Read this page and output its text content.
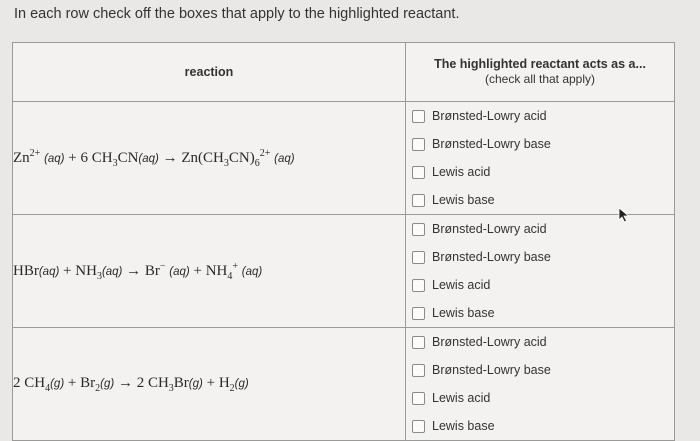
In each row check off the boxes that apply to the highlighted reactant.
reaction	The highlighted reactant acts as a...
(check all that apply)

$Zn^{2+}$ (aq) + 6 $CH_3CN(aq) \to Zn(CH_3CN)_6^{2+}$ (aq)	Brønsted-Lowry acid
Brønsted-Lowry base
Lewis acid
Lewis base

$HBr(aq) + NH_3(aq) \to Br^-$ $(aq) + NH_4^+$ (aq)	Brønsted-Lowry acid
Brønsted-Lowry base
Lewis acid
Lewis base

2 $CH_4(g) + Br_2(g) \to 2$ $CH_3Br(g) + H_2(g)$	Brønsted-Lowry acid
Brønsted-Lowry base
Lewis acid
Lewis base
